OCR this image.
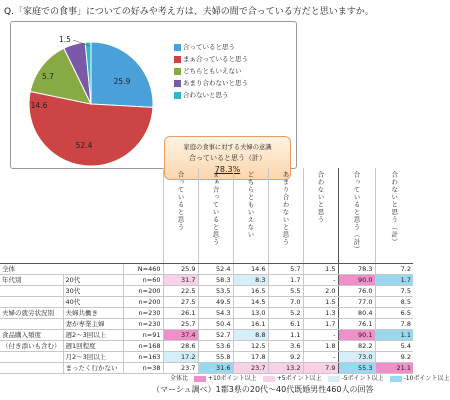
Q.「家庭での食事」についての好みや考え方は、夫婦の間で合っている方だと思いますか。
25.9
52.4
14.6
5.7
1.5
合っていると思う
まぁ合っていると思う
どちらともいえない
あまり合わないと思う
合わないと思う
家庭の食事に対する夫婦の意識
合っていると思う（計）
78.3%
			合っていると思う	まぁ合っていると思う	どちらともいえない	あまり合わないと思う	合わないと思う	合っていると思う（計）	合わないと思う（計）
全体		N=460	25.9	52.4	14.6	5.7	1.5	78.3	7.2
年代別	20代	n=60	31.7	58.3	8.3	1.7	-	90.0	1.7
	30代	n=200	22.5	53.5	16.5	5.5	2.0	76.0	7.5
	40代	n=200	27.5	49.5	14.5	7.0	1.5	77.0	8.5
夫婦の就労状況別	夫婦共働き	n=230	26.1	54.3	13.0	5.2	1.3	80.4	6.5
	妻が専業主婦	n=230	25.7	50.4	16.1	6.1	1.7	76.1	7.8
食品購入頻度	週2〜3回以上	n=91	37.4	52.7	8.8	1.1	-	90.1	1.1
（付き添いも含む）	週1回程度	n=168	28.6	53.6	12.5	3.6	1.8	82.2	5.4
	月2〜3回以上	n=163	17.2	55.8	17.8	9.2	-	73.0	9.2
	まったく行かない	n=38	23.7	31.6	23.7	13.2	7.9	55.3	21.1
全体比	+10ポイント以上	+5ポイント以上	-5ポイント以上	-10ポイント以上
（マーシュ調べ）1都3県の20代〜40代既婚男性460人の回答
